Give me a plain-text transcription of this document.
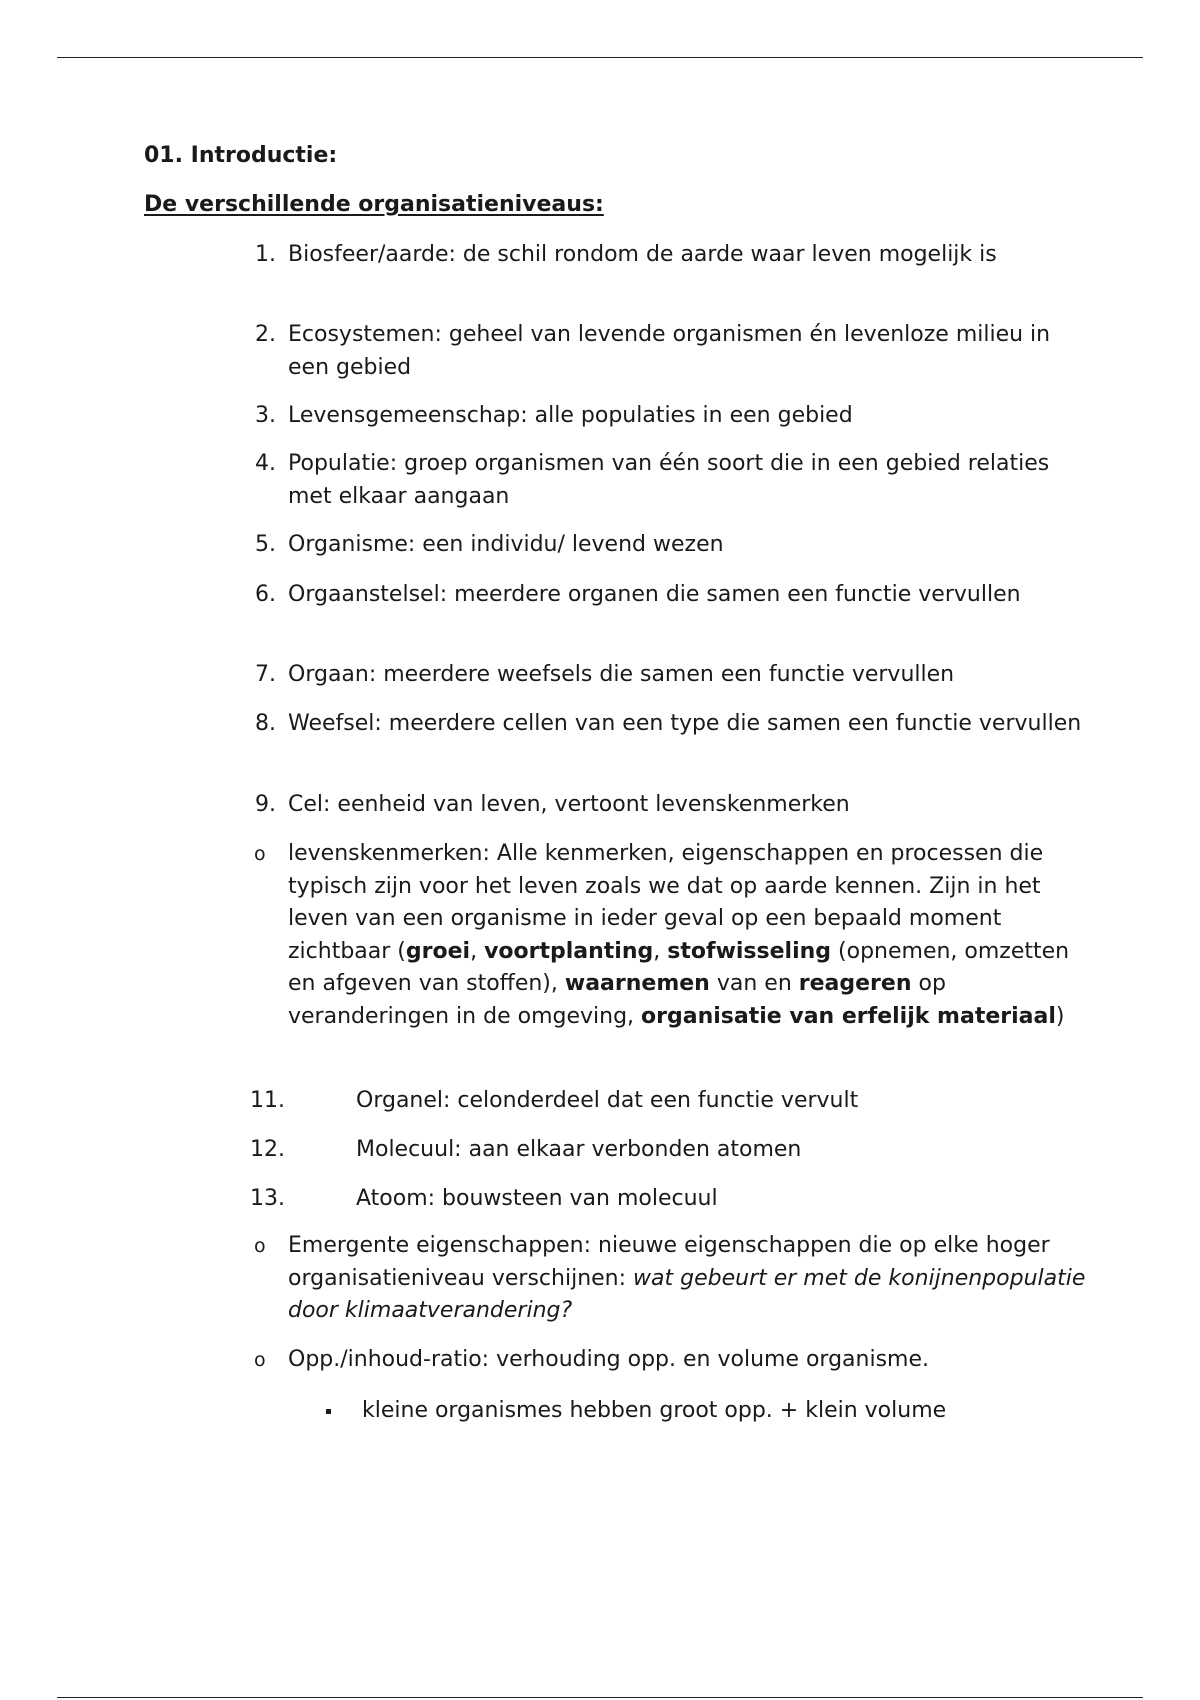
01. Introductie:
De verschillende organisatieniveaus:
1. Biosfeer/aarde: de schil rondom de aarde waar leven mogelijk is
2. Ecosystemen: geheel van levende organismen én levenloze milieu in een gebied
3. Levensgemeenschap: alle populaties in een gebied
4. Populatie: groep organismen van één soort die in een gebied relaties met elkaar aangaan
5. Organisme: een individu/ levend wezen
6. Orgaanstelsel: meerdere organen die samen een functie vervullen
7. Orgaan: meerdere weefsels die samen een functie vervullen
8. Weefsel: meerdere cellen van een type die samen een functie vervullen
9. Cel: eenheid van leven, vertoont levenskenmerken
o levenskenmerken: Alle kenmerken, eigenschappen en processen die typisch zijn voor het leven zoals we dat op aarde kennen. Zijn in het leven van een organisme in ieder geval op een bepaald moment zichtbaar (groei, voortplanting, stofwisseling (opnemen, omzetten en afgeven van stoffen), waarnemen van en reageren op veranderingen in de omgeving, organisatie van erfelijk materiaal)
11.	Organel: celonderdeel dat een functie vervult
12.	Molecuul: aan elkaar verbonden atomen
13.	Atoom: bouwsteen van molecuul
o Emergente eigenschappen: nieuwe eigenschappen die op elke hoger organisatieniveau verschijnen: wat gebeurt er met de konijnenpopulatie door klimaatverandering?
o Opp./inhoud-ratio: verhouding opp. en volume organisme.
kleine organismes hebben groot opp. + klein volume
